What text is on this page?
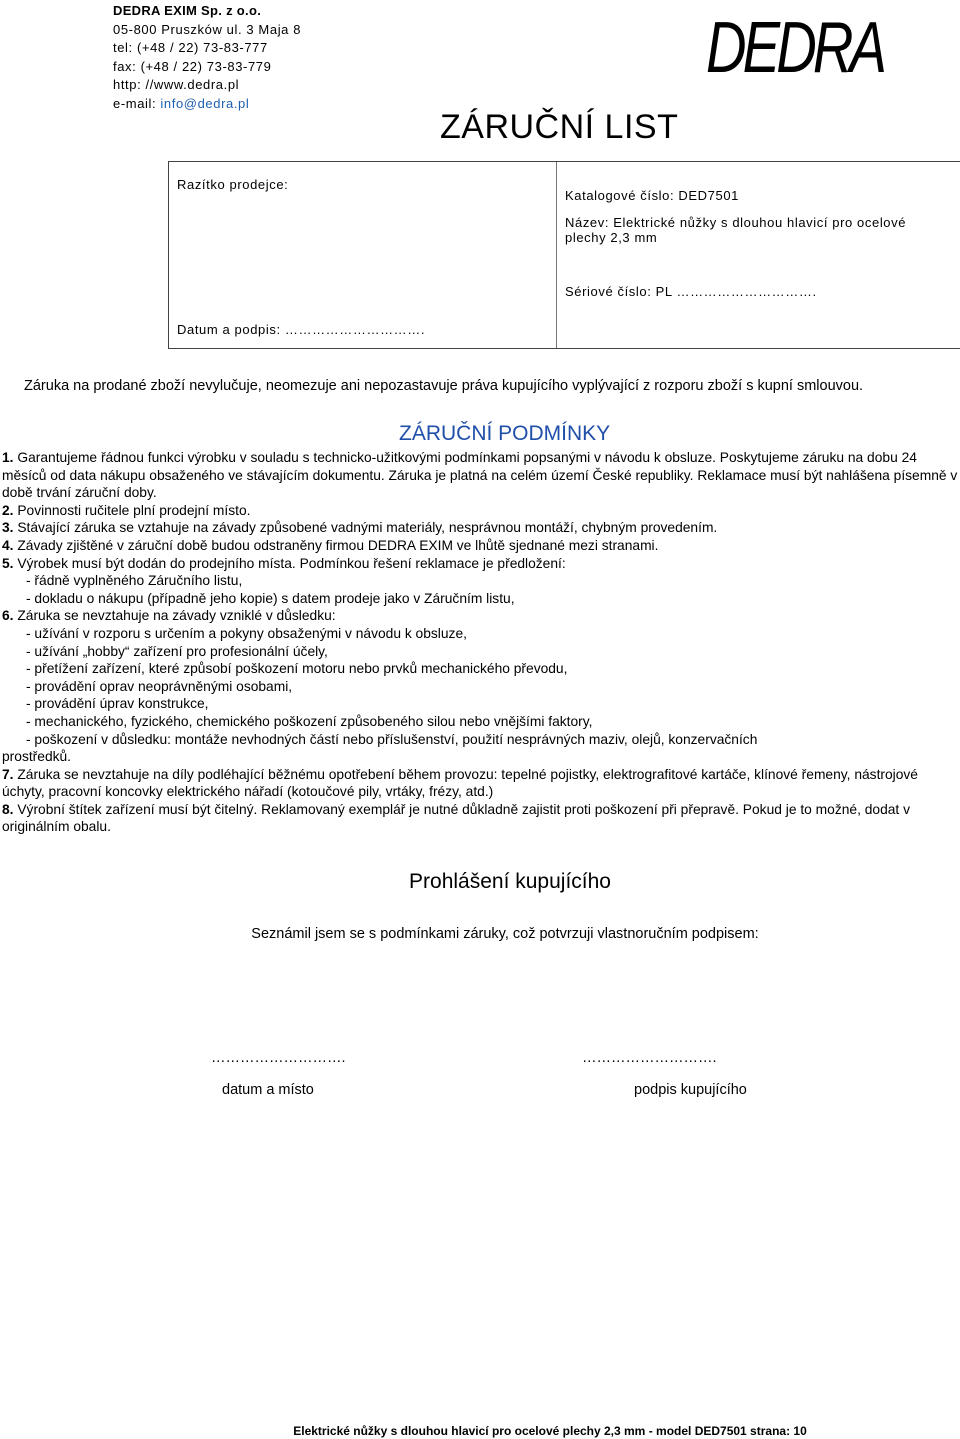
DEDRA EXIM Sp. z o.o.
05-800 Pruszków ul. 3 Maja 8
tel: (+48 / 22) 73-83-777
fax: (+48 / 22) 73-83-779
http: //www.dedra.pl
e-mail: info@dedra.pl
DEDRA
ZÁRUČNÍ LIST
Razítko prodejce:
Datum a podpis: ………………………….
Katalogové číslo: DED7501
Název: Elektrické nůžky s dlouhou hlavicí pro ocelové
plechy 2,3 mm
Sériové číslo: PL ………………………….
Záruka na prodané zboží nevylučuje, neomezuje ani nepozastavuje práva kupujícího vyplývající z rozporu zboží s kupní smlouvou.
ZÁRUČNÍ PODMÍNKY

1. Garantujeme řádnou funkci výrobku v souladu s technicko-užitkovými podmínkami popsanými v návodu k obsluze. Poskytujeme záruku na dobu 24 měsíců od data nákupu obsaženého ve stávajícím dokumentu. Záruka je platná na celém území České republiky. Reklamace musí být nahlášena písemně v době trvání záruční doby.

2. Povinnosti ručitele plní prodejní místo.

3. Stávající záruka se vztahuje na závady způsobené vadnými materiály, nesprávnou montáží, chybným provedením.

4. Závady zjištěné v záruční době budou odstraněny firmou DEDRA EXIM ve lhůtě sjednané mezi stranami.

5. Výrobek musí být dodán do prodejního místa. Podmínkou řešení reklamace je předložení:

- řádně vyplněného Záručního listu,

- dokladu o nákupu (případně jeho kopie) s datem prodeje jako v Záručním listu,

6. Záruka se nevztahuje na závady vzniklé v důsledku:

- užívání v rozporu s určením a pokyny obsaženými v návodu k obsluze,

- užívání „hobby“ zařízení pro profesionální účely,

- přetížení zařízení, které způsobí poškození motoru nebo prvků mechanického převodu,

- provádění oprav neoprávněnými osobami,

- provádění úprav konstrukce,

- mechanického, fyzického, chemického poškození způsobeného silou nebo vnějšími faktory,

- poškození v důsledku: montáže nevhodných částí nebo příslušenství, použití nesprávných maziv, olejů, konzervačních

prostředků.

7. Záruka se nevztahuje na díly podléhající běžnému opotřebení během provozu: tepelné pojistky, elektrografitové kartáče, klínové řemeny, nástrojové úchyty, pracovní koncovky elektrického nářadí (kotoučové pily, vrtáky, frézy, atd.)

8. Výrobní štítek zařízení musí být čitelný. Reklamovaný exemplář je nutné důkladně zajistit proti poškození při přepravě. Pokud je to možné, dodat v originálním obalu.

Prohlášení kupujícího
Seznámil jsem se s podmínkami záruky, což potvrzuji vlastnoručním podpisem:
……………………….	……………………….
datum a místo	podpis kupujícího
Elektrické nůžky s dlouhou hlavicí pro ocelové plechy 2,3 mm - model DED7501 strana: 10
